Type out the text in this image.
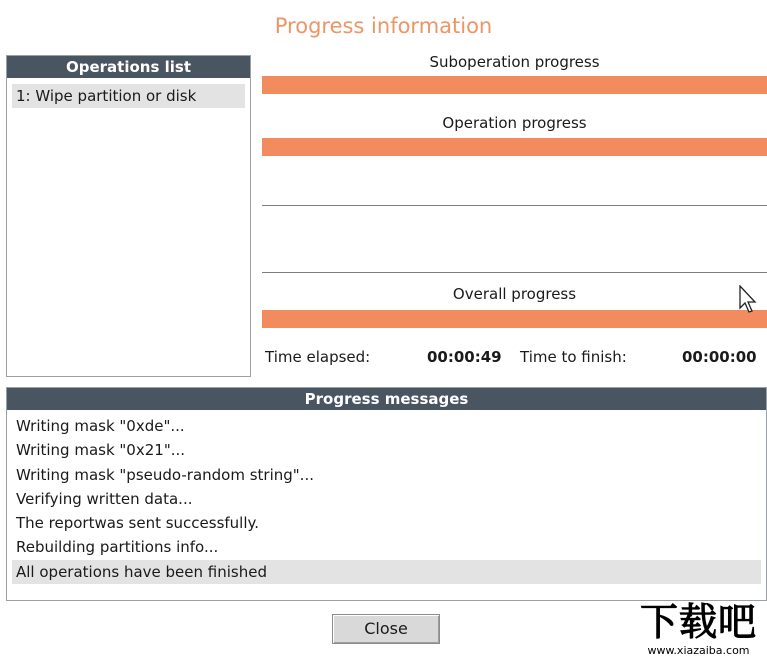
Progress information
Operations list
1: Wipe partition or disk
Suboperation progress
Operation progress
Overall progress
Time elapsed:	00:00:49 Time to finish:	00:00:00
Progress messages
Writing mask "0xde"...
Writing mask "0x21"...
Writing mask "pseudo-random string"...
Verifying written data...
The reportwas sent successfully.
Rebuilding partitions info...
All operations have been finished
Close	下载吧
www.xiazaiba.com
